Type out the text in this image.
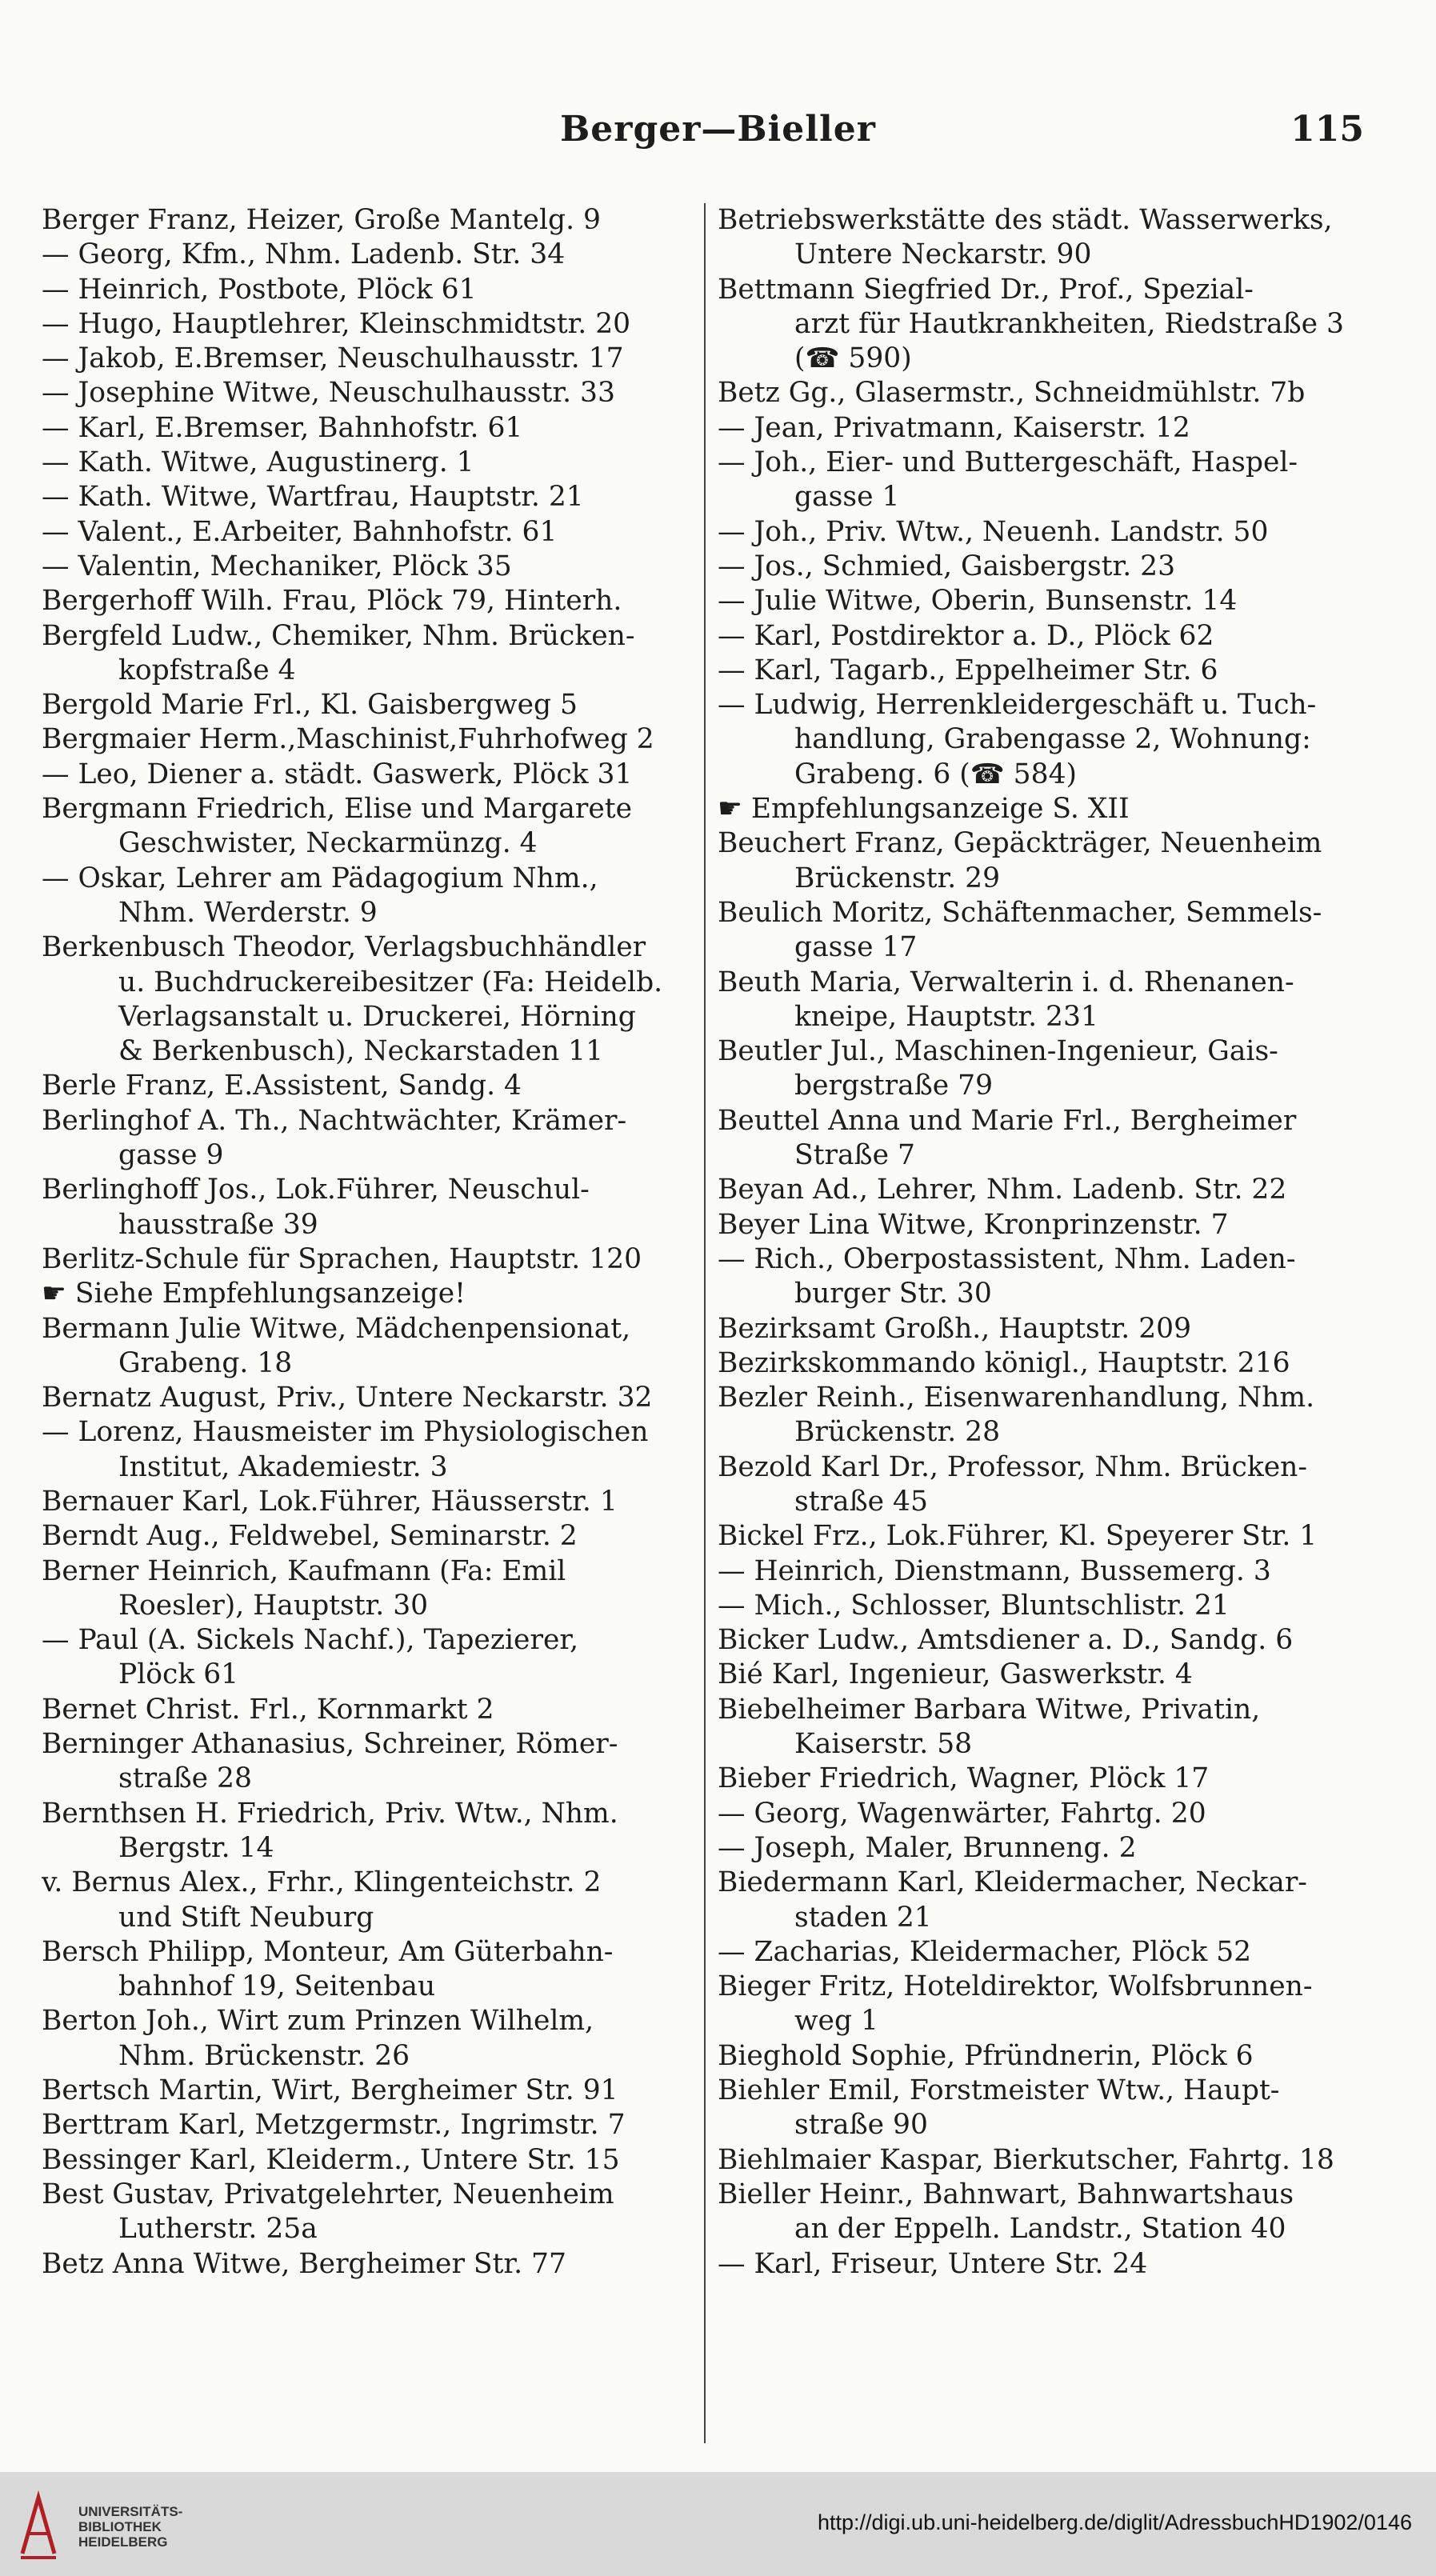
Berger—Bieller	115
Berger Franz, Heizer, Große Mantelg. 9
— Georg, Kfm., Nhm. Ladenb. Str. 34
— Heinrich, Postbote, Plöck 61
— Hugo, Hauptlehrer, Kleinschmidtstr. 20
— Jakob, E.Bremser, Neuschulhausstr. 17
— Josephine Witwe, Neuschulhausstr. 33
— Karl, E.Bremser, Bahnhofstr. 61
— Kath. Witwe, Augustinerg. 1
— Kath. Witwe, Wartfrau, Hauptstr. 21
— Valent., E.Arbeiter, Bahnhofstr. 61
— Valentin, Mechaniker, Plöck 35
Bergerhoff Wilh. Frau, Plöck 79, Hinterh.
Bergfeld Ludw., Chemiker, Nhm. Brücken-
kopfstraße 4
Bergold Marie Frl., Kl. Gaisbergweg 5
Bergmaier Herm.,Maschinist,Fuhrhofweg 2
— Leo, Diener a. städt. Gaswerk, Plöck 31
Bergmann Friedrich, Elise und Margarete
Geschwister, Neckarmünzg. 4
— Oskar, Lehrer am Pädagogium Nhm.,
Nhm. Werderstr. 9
Berkenbusch Theodor, Verlagsbuchhändler
u. Buchdruckereibesitzer (Fa: Heidelb.
Verlagsanstalt u. Druckerei, Hörning
& Berkenbusch), Neckarstaden 11
Berle Franz, E.Assistent, Sandg. 4
Berlinghof A. Th., Nachtwächter, Krämer-
gasse 9
Berlinghoff Jos., Lok.Führer, Neuschul-
hausstraße 39
Berlitz-Schule für Sprachen, Hauptstr. 120
☛ Siehe Empfehlungsanzeige!
Bermann Julie Witwe, Mädchenpensionat,
Grabeng. 18
Bernatz August, Priv., Untere Neckarstr. 32
— Lorenz, Hausmeister im Physiologischen
Institut, Akademiestr. 3
Bernauer Karl, Lok.Führer, Häusserstr. 1
Berndt Aug., Feldwebel, Seminarstr. 2
Berner Heinrich, Kaufmann (Fa: Emil
Roesler), Hauptstr. 30
— Paul (A. Sickels Nachf.), Tapezierer,
Plöck 61
Bernet Christ. Frl., Kornmarkt 2
Berninger Athanasius, Schreiner, Römer-
straße 28
Bernthsen H. Friedrich, Priv. Wtw., Nhm.
Bergstr. 14
v. Bernus Alex., Frhr., Klingenteichstr. 2
und Stift Neuburg
Bersch Philipp, Monteur, Am Güterbahn-
bahnhof 19, Seitenbau
Berton Joh., Wirt zum Prinzen Wilhelm,
Nhm. Brückenstr. 26
Bertsch Martin, Wirt, Bergheimer Str. 91
Berttram Karl, Metzgermstr., Ingrimstr. 7
Bessinger Karl, Kleiderm., Untere Str. 15
Best Gustav, Privatgelehrter, Neuenheim
Lutherstr. 25a
Betz Anna Witwe, Bergheimer Str. 77
Betriebswerkstätte des städt. Wasserwerks,
Untere Neckarstr. 90
Bettmann Siegfried Dr., Prof., Spezial-
arzt für Hautkrankheiten, Riedstraße 3
(☎ 590)
Betz Gg., Glasermstr., Schneidmühlstr. 7b
— Jean, Privatmann, Kaiserstr. 12
— Joh., Eier- und Buttergeschäft, Haspel-
gasse 1
— Joh., Priv. Wtw., Neuenh. Landstr. 50
— Jos., Schmied, Gaisbergstr. 23
— Julie Witwe, Oberin, Bunsenstr. 14
— Karl, Postdirektor a. D., Plöck 62
— Karl, Tagarb., Eppelheimer Str. 6
— Ludwig, Herrenkleidergeschäft u. Tuch-
handlung, Grabengasse 2, Wohnung:
Grabeng. 6 (☎ 584)
☛ Empfehlungsanzeige S. XII
Beuchert Franz, Gepäckträger, Neuenheim
Brückenstr. 29
Beulich Moritz, Schäftenmacher, Semmels-
gasse 17
Beuth Maria, Verwalterin i. d. Rhenanen-
kneipe, Hauptstr. 231
Beutler Jul., Maschinen-Ingenieur, Gais-
bergstraße 79
Beuttel Anna und Marie Frl., Bergheimer
Straße 7
Beyan Ad., Lehrer, Nhm. Ladenb. Str. 22
Beyer Lina Witwe, Kronprinzenstr. 7
— Rich., Oberpostassistent, Nhm. Laden-
burger Str. 30
Bezirksamt Großh., Hauptstr. 209
Bezirkskommando königl., Hauptstr. 216
Bezler Reinh., Eisenwarenhandlung, Nhm.
Brückenstr. 28
Bezold Karl Dr., Professor, Nhm. Brücken-
straße 45
Bickel Frz., Lok.Führer, Kl. Speyerer Str. 1
— Heinrich, Dienstmann, Bussemerg. 3
— Mich., Schlosser, Bluntschlistr. 21
Bicker Ludw., Amtsdiener a. D., Sandg. 6
Bié Karl, Ingenieur, Gaswerkstr. 4
Biebelheimer Barbara Witwe, Privatin,
Kaiserstr. 58
Bieber Friedrich, Wagner, Plöck 17
— Georg, Wagenwärter, Fahrtg. 20
— Joseph, Maler, Brunneng. 2
Biedermann Karl, Kleidermacher, Neckar-
staden 21
— Zacharias, Kleidermacher, Plöck 52
Bieger Fritz, Hoteldirektor, Wolfsbrunnen-
weg 1
Bieghold Sophie, Pfründnerin, Plöck 6
Biehler Emil, Forstmeister Wtw., Haupt-
straße 90
Biehlmaier Kaspar, Bierkutscher, Fahrtg. 18
Bieller Heinr., Bahnwart, Bahnwartshaus
an der Eppelh. Landstr., Station 40
— Karl, Friseur, Untere Str. 24
UNIVERSITÄTS-
BIBLIOTHEK
HEIDELBERG
http://digi.ub.uni-heidelberg.de/diglit/AdressbuchHD1902/0146
